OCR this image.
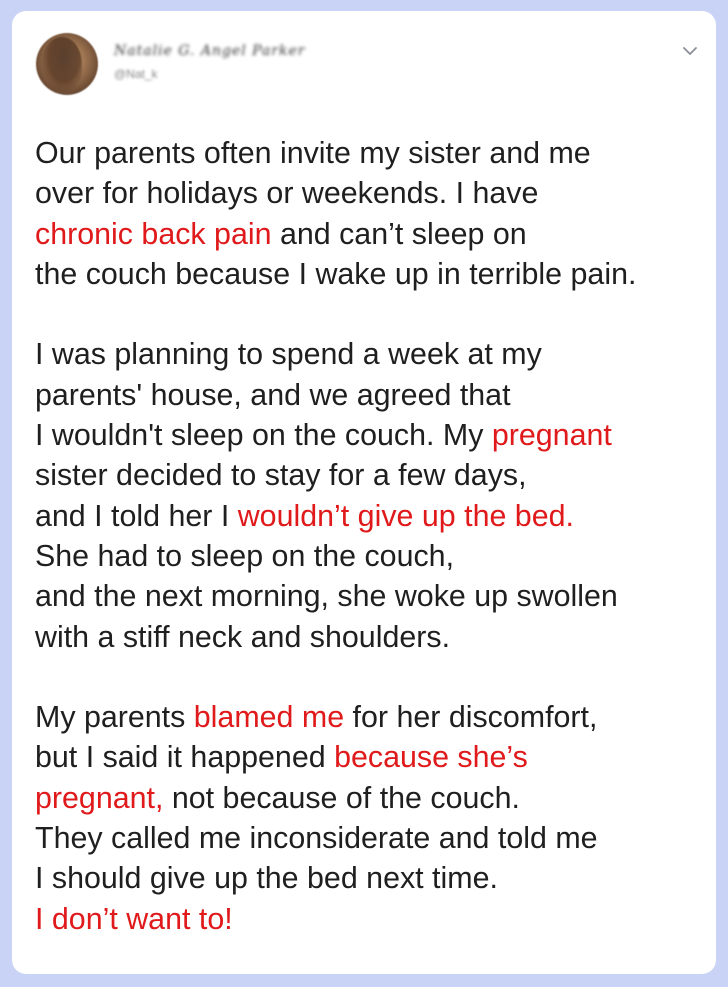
Natalie G. Angel Parker
@Nat_k
Our parents often invite my sister and me
over for holidays or weekends. I have
chronic back pain and can’t sleep on
the couch because I wake up in terrible pain.
I was planning to spend a week at my
parents' house, and we agreed that
I wouldn't sleep on the couch. My pregnant
sister decided to stay for a few days,
and I told her I wouldn’t give up the bed.
She had to sleep on the couch,
and the next morning, she woke up swollen
with a stiff neck and shoulders.
My parents blamed me for her discomfort,
but I said it happened because she’s
pregnant, not because of the couch.
They called me inconsiderate and told me
I should give up the bed next time.
I don’t want to!
